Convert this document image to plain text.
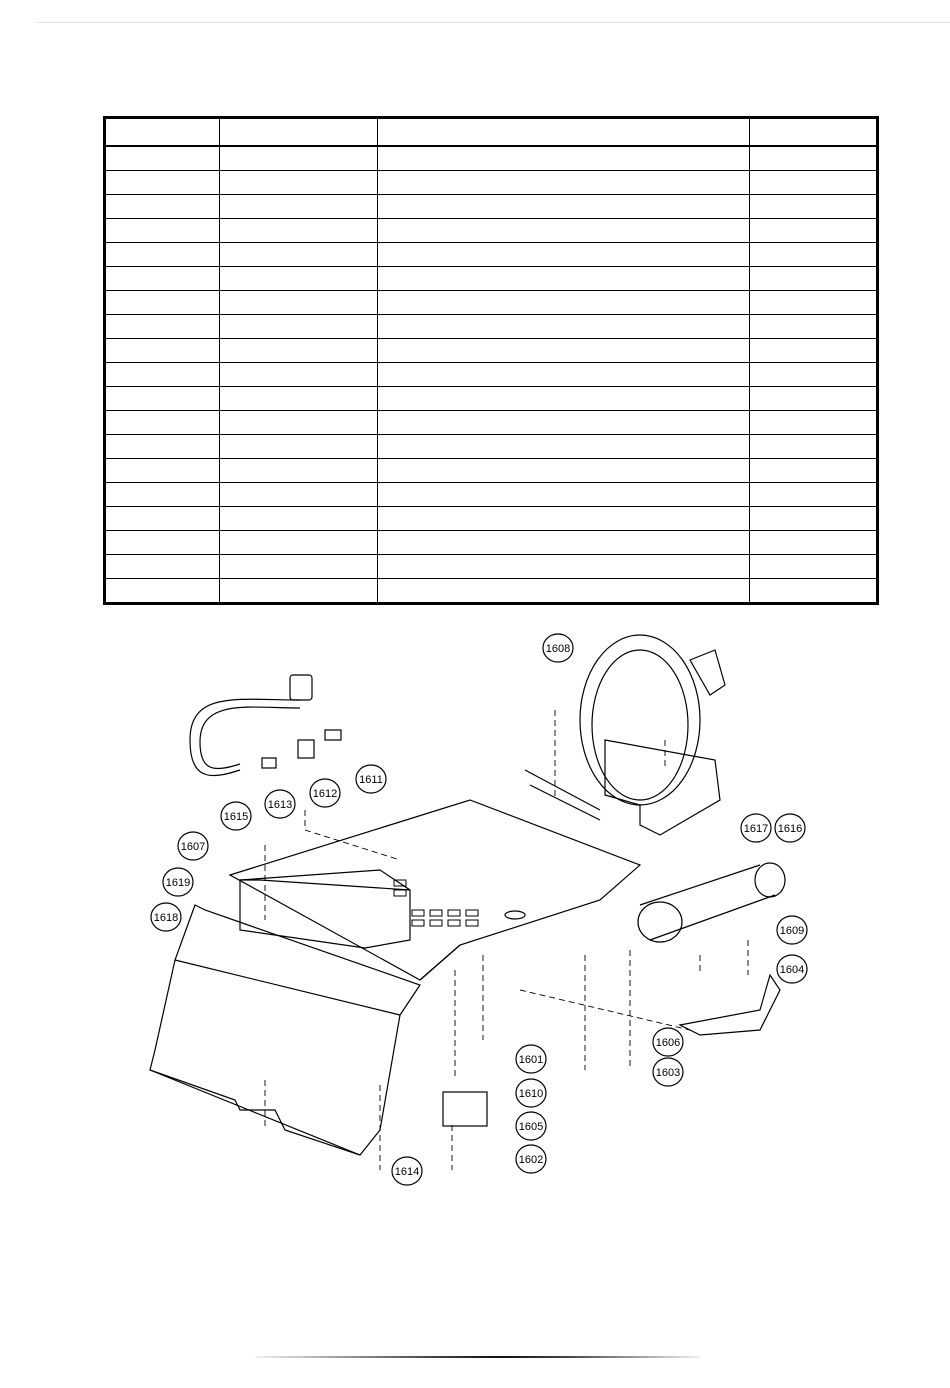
1601
1602
1603
1604
1605
1606
1607
1608
1609
1610
1611
1612
1613
1614
1615
1616
1617
1618
1619
